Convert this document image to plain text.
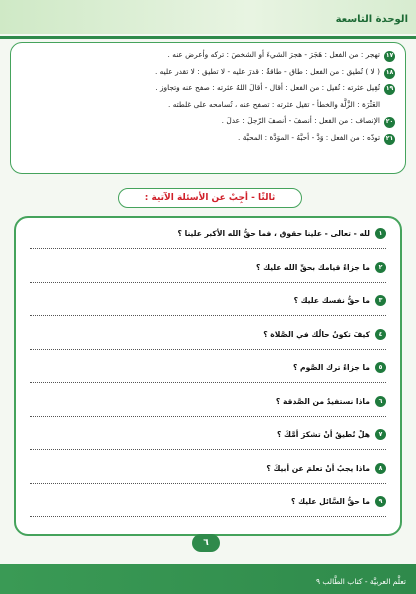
الوحدة التاسعة
١٧
تهجر : من الفعل : هَجَرَ - هجرَ الشيءَ أو الشخصَ : تركه وأعرض عنه .
١٨
( لا ) تُطيق : من الفعل : طاق - طاقةٌ : قدرَ عليه - لا تطيق : لا تقدر عليه .
١٩
تُقِيل عثرته : تُقيل : من الفعل : أقال - أقالَ اللهُ عثرته : صفح عنه وتجاوز .
العَثْرَة : الزَّلَّة والخطأ - تقيل عثرته : تصفح عنه ، تُسامحه على غلطته .
٢٠
الإنصاف : من الفعل : أنصفَ - أنصفَ الرّجلَ : عدلَ .
٢١
تودّه : من الفعل : وَدَّ - أحبَّهُ - الموَدَّة : المحبَّة .
ثالثًا - أجِبْ عن الأسئلة الآتية :
١
لله - تعالى - علينا حقوق ، فما حقُّ الله الأكبر علينا ؟
٢
ما جزاءُ قيامك بحقِّ الله عليك ؟
٣
ما حقُّ نفسك عليك ؟
٤
كيفَ تكونُ حالُك في الصَّلاة ؟
٥
ما جزاءُ ترك الصَّوم ؟
٦
ماذا نستفيدُ من الصَّدقة ؟
٧
هلْ تُطيقُ أنْ تشكرَ أمَّكَ ؟
٨
ماذا يجبُ أنْ تعلمَ عن أبيكَ ؟
٩
ما حقُّ السَّائل عليك ؟
٦
تعلَّم العربيَّة - كتاب الطَّالب ٩
